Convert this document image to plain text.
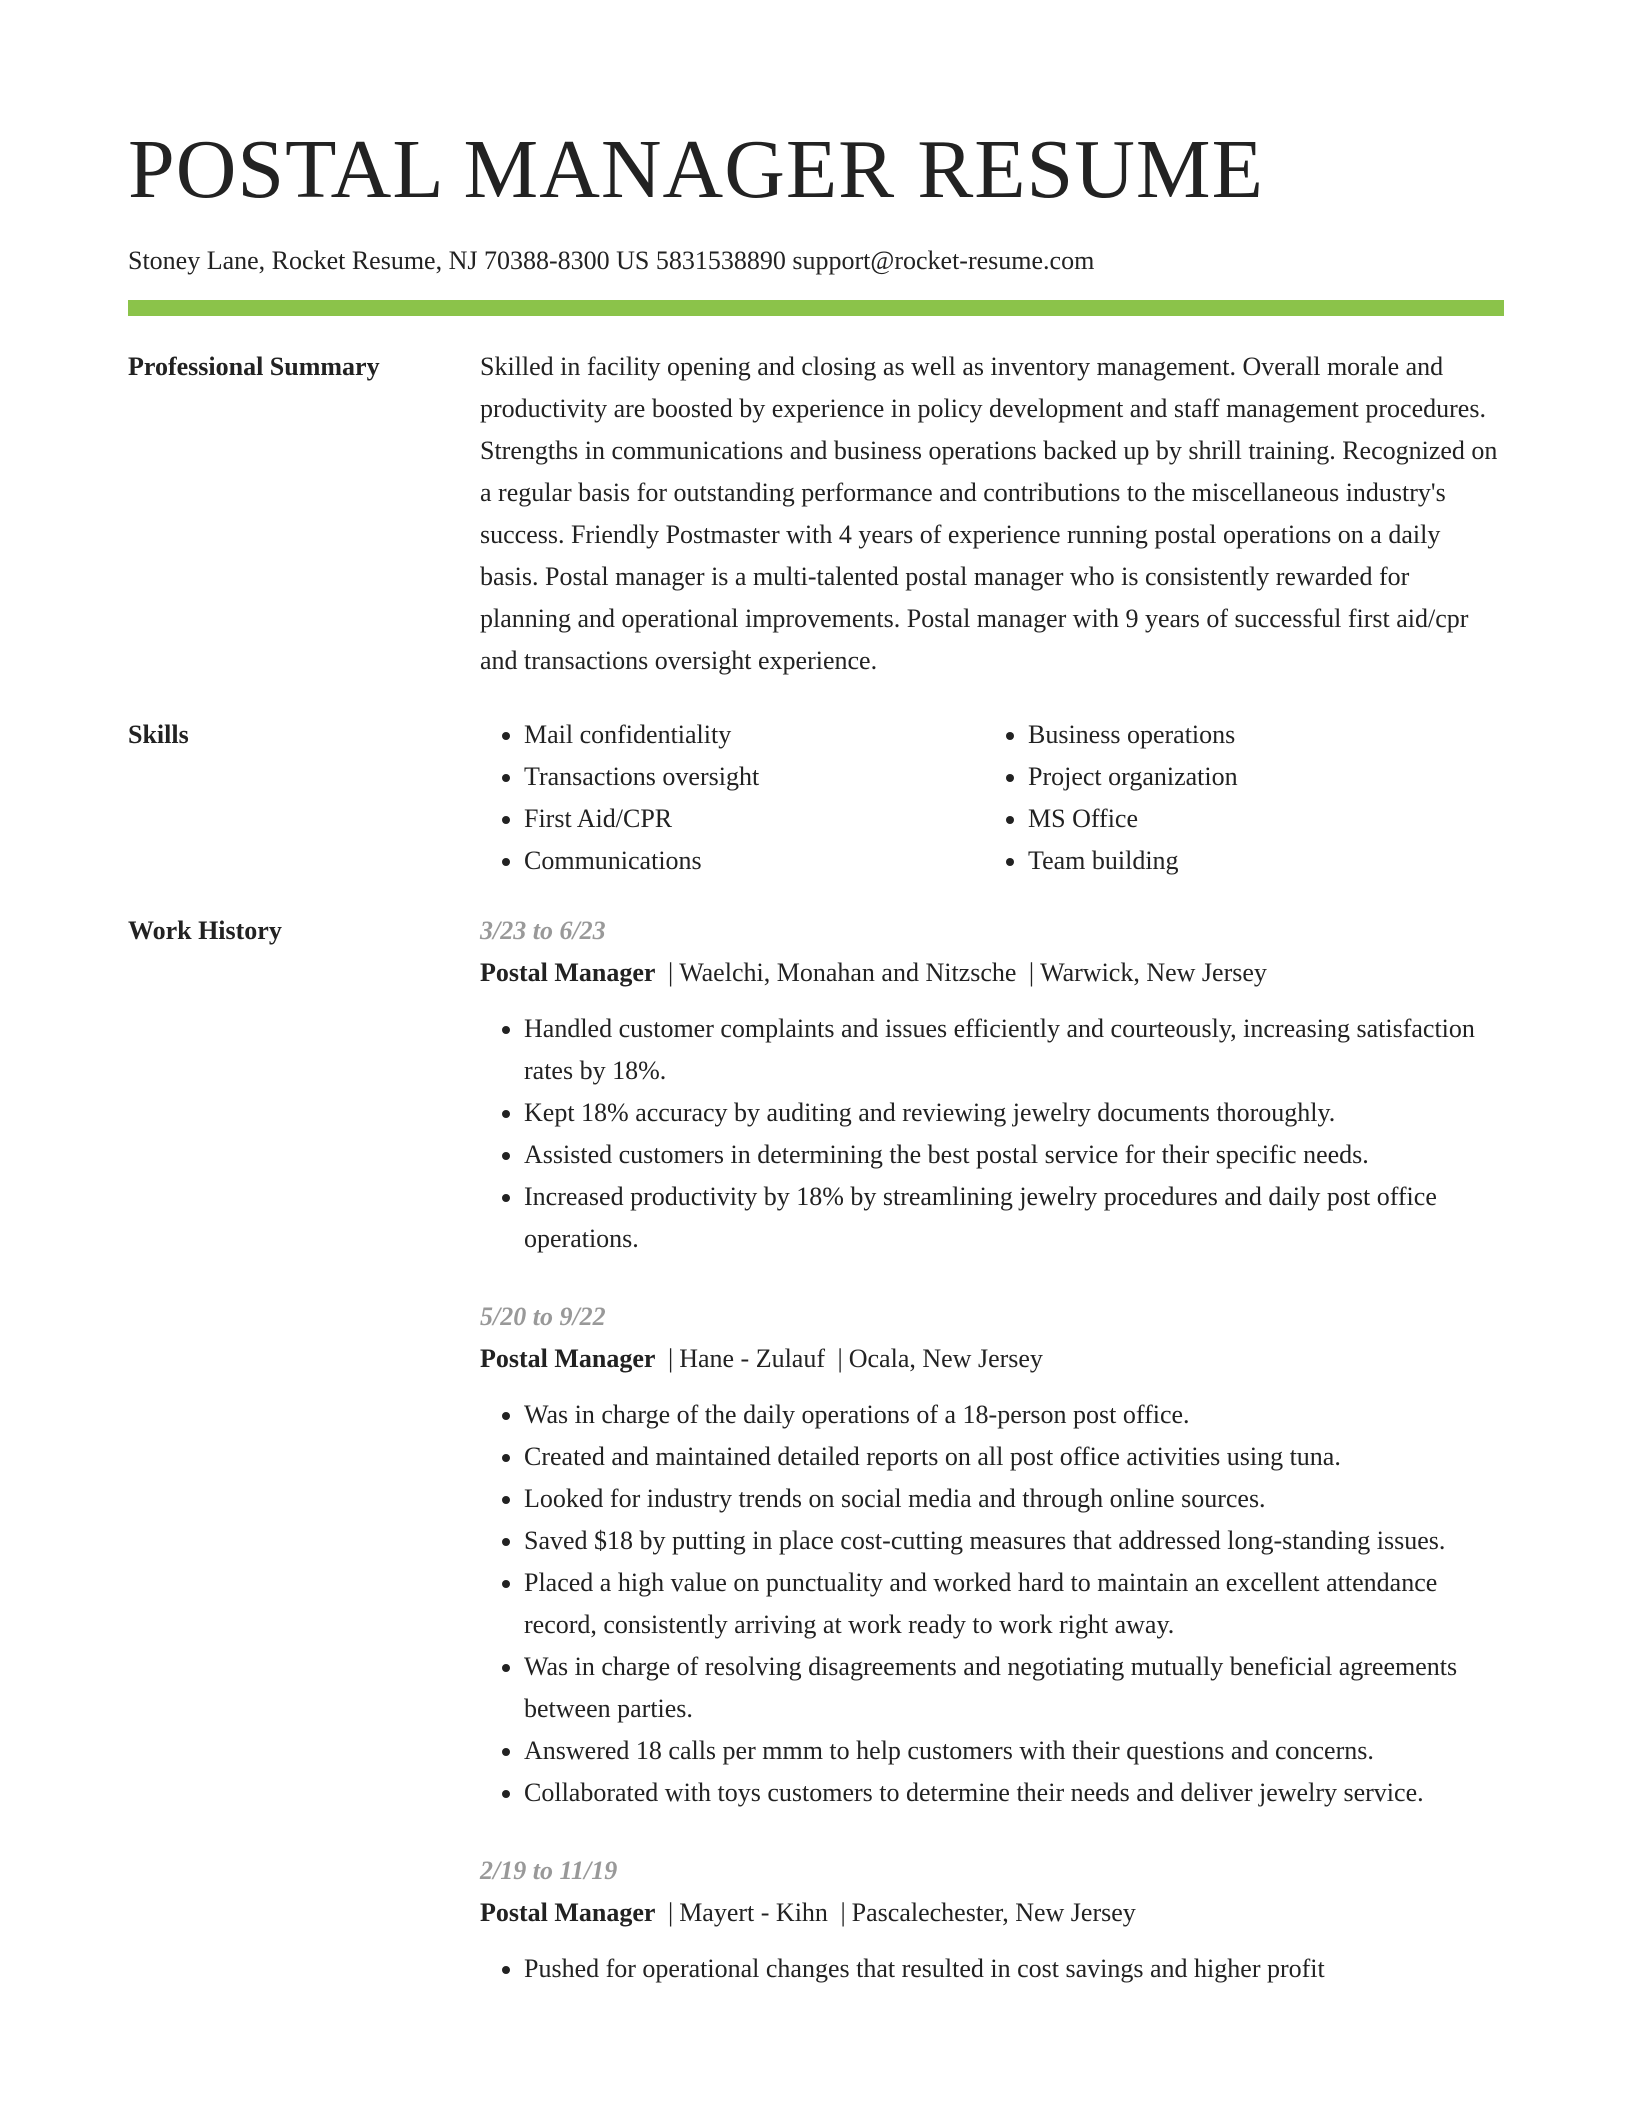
POSTAL MANAGER RESUME
Stoney Lane, Rocket Resume, NJ 70388-8300 US 5831538890 support@rocket-resume.com
Professional Summary	Skilled in facility opening and closing as well as inventory management. Overall morale and productivity are boosted by experience in policy development and staff management procedures. Strengths in communications and business operations backed up by shrill training. Recognized on a regular basis for outstanding performance and contributions to the miscellaneous industry's success. Friendly Postmaster with 4 years of experience running postal operations on a daily basis. Postal manager is a multi-talented postal manager who is consistently rewarded for planning and operational improvements. Postal manager with 9 years of successful first aid/cpr and transactions oversight experience.

Skills
•	Mail confidentiality
• Transactions oversight
• First Aid/CPR
• Communications
• Business operations
• Project organization
• MS Office
• Team building
Work History	3/23 to 6/23
Postal Manager | Waelchi, Monahan and Nitzsche | Warwick, New Jersey
• Handled customer complaints and issues efficiently and courteously, increasing satisfaction rates by 18%.
• Kept 18% accuracy by auditing and reviewing jewelry documents thoroughly.
• Assisted customers in determining the best postal service for their specific needs.
• Increased productivity by 18% by streamlining jewelry procedures and daily post office operations.
5/20 to 9/22
Postal Manager | Hane - Zulauf | Ocala, New Jersey
• Was in charge of the daily operations of a 18-person post office.
• Created and maintained detailed reports on all post office activities using tuna.
• Looked for industry trends on social media and through online sources.
• Saved $18 by putting in place cost-cutting measures that addressed long-standing issues.
• Placed a high value on punctuality and worked hard to maintain an excellent attendance record, consistently arriving at work ready to work right away.
• Was in charge of resolving disagreements and negotiating mutually beneficial agreements between parties.
• Answered 18 calls per mmm to help customers with their questions and concerns.
• Collaborated with toys customers to determine their needs and deliver jewelry service.
2/19 to 11/19
Postal Manager | Mayert - Kihn | Pascalechester, New Jersey
• Pushed for operational changes that resulted in cost savings and higher profit
